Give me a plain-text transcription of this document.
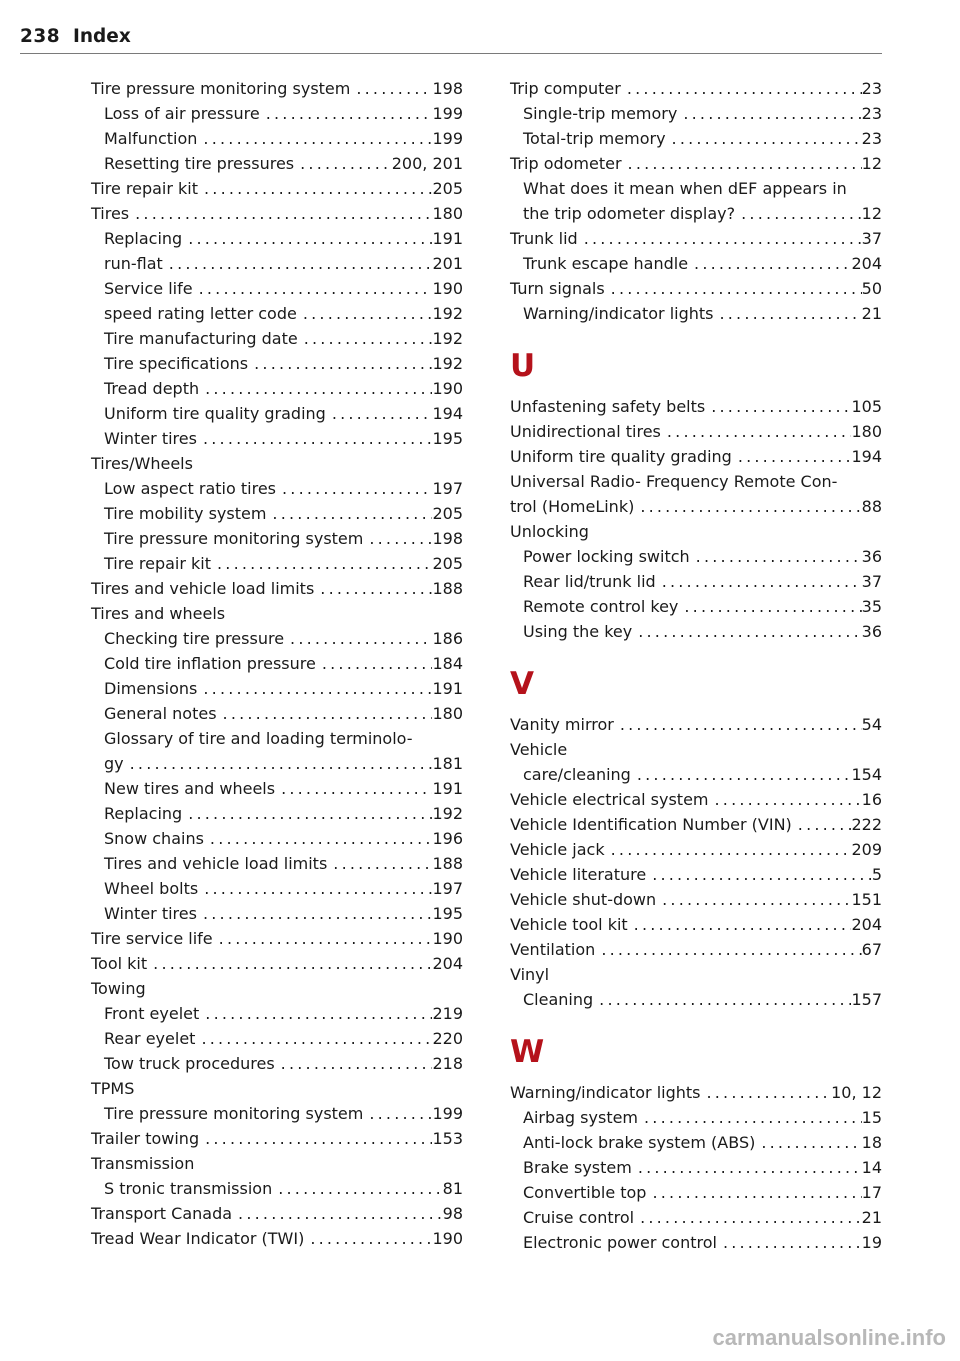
238 Index
Tire pressure monitoring system .....	198
Loss of air pressure .....	199
Malfunction .....	199
Resetting tire pressures .....	200, 201
Tire repair kit .....	205
Tires .....	180
Replacing .....	191
run-flat .....	201
Service life .....	190
speed rating letter code .....	192
Tire manufacturing date .....	192
Tire specifications .....	192
Tread depth .....	190
Uniform tire quality grading .....	194
Winter tires .....	195
Tires/Wheels
Low aspect ratio tires .....	197
Tire mobility system .....	205
Tire pressure monitoring system .....	198
Tire repair kit .....	205
Tires and vehicle load limits .....	188
Tires and wheels
Checking tire pressure .....	186
Cold tire inflation pressure .....	184
Dimensions .....	191
General notes .....	180
Glossary of tire and loading terminolo-
gy .....	181
New tires and wheels .....	191
Replacing .....	192
Snow chains .....	196
Tires and vehicle load limits .....	188
Wheel bolts .....	197
Winter tires .....	195
Tire service life .....	190
Tool kit .....	204
Towing
Front eyelet .....	219
Rear eyelet .....	220
Tow truck procedures .....	218
TPMS
Tire pressure monitoring system .....	199
Trailer towing .....	153
Transmission
S tronic transmission .....	81
Transport Canada .....	98
Tread Wear Indicator (TWI) .....	190
Trip computer .....	23
Single-trip memory .....	23
Total-trip memory .....	23
Trip odometer .....	12
What does it mean when dEF appears in
the trip odometer display? .....	12
Trunk lid .....	37
Trunk escape handle .....	204
Turn signals .....	50
Warning/indicator lights .....	21
U
Unfastening safety belts .....	105
Unidirectional tires .....	180
Uniform tire quality grading .....	194
Universal Radio- Frequency Remote Con-
trol (HomeLink) .....	88
Unlocking
Power locking switch .....	36
Rear lid/trunk lid .....	37
Remote control key .....	35
Using the key .....	36
V
Vanity mirror .....	54
Vehicle
care/cleaning .....	154
Vehicle electrical system .....	16
Vehicle Identification Number (VIN) .....	222
Vehicle jack .....	209
Vehicle literature .....	5
Vehicle shut-down .....	151
Vehicle tool kit .....	204
Ventilation .....	67
Vinyl
Cleaning .....	157
W
Warning/indicator lights .....	10, 12
Airbag system .....	15
Anti-lock brake system (ABS) .....	18
Brake system .....	14
Convertible top .....	17
Cruise control .....	21
Electronic power control .....	19
carmanualsonline.info
